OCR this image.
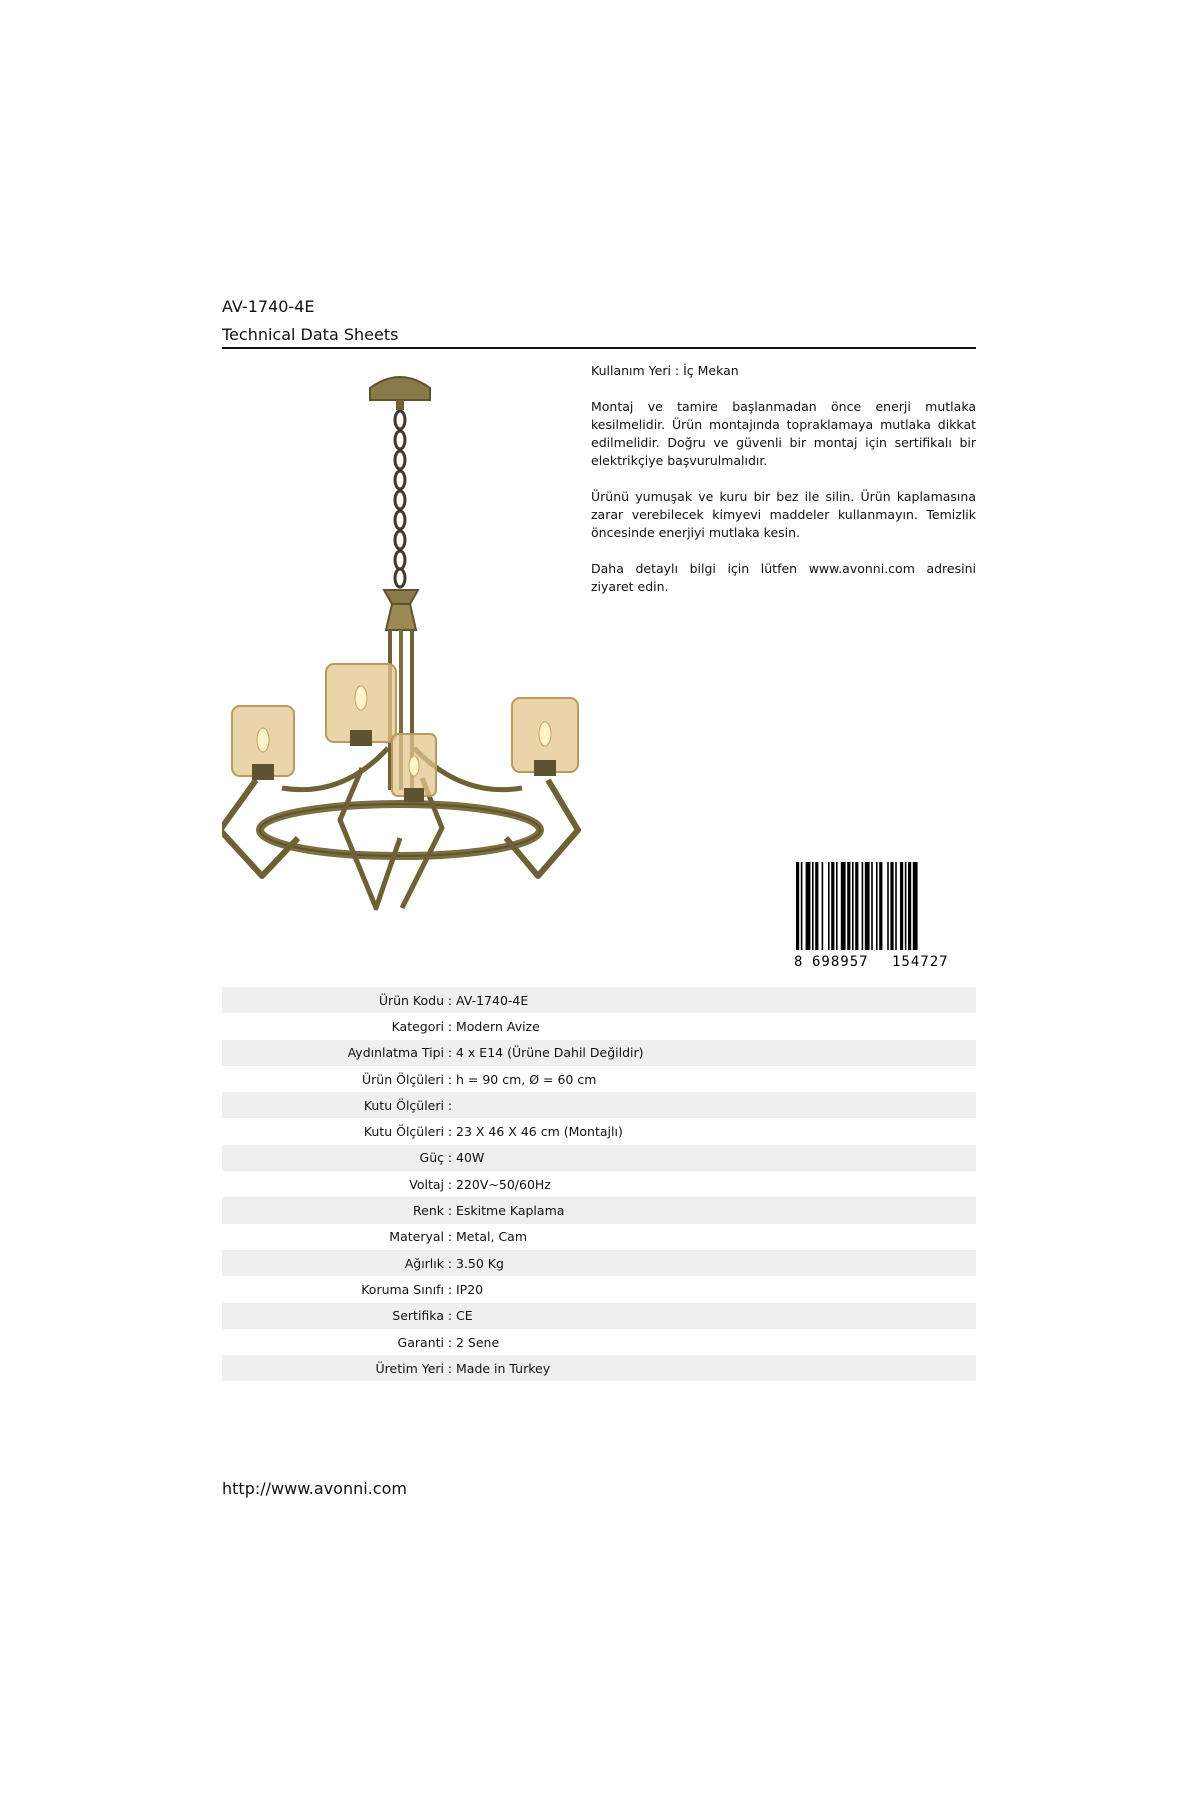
AV-1740-4E
Technical Data Sheets

Kullanım Yeri : İç Mekan

Montaj ve tamire başlanmadan önce enerji mutlaka kesilmelidir. Ürün montajında topraklamaya mutlaka dikkat edilmelidir. Doğru ve güvenli bir montaj için sertifikalı bir elektrikçiye başvurulmalıdır.

Ürünü yumuşak ve kuru bir bez ile silin. Ürün kaplamasına zarar verebilecek kimyevi maddeler kullanmayın. Temizlik öncesinde enerjiyi mutlaka kesin.

Daha detaylı bilgi için lütfen www.avonni.com adresini ziyaret edin.

8 698957 154727
Ürün Kodu : AV-1740-4E
Kategori : Modern Avize
Aydınlatma Tipi : 4 x E14 (Ürüne Dahil Değildir)
Ürün Ölçüleri : h = 90 cm, Ø = 60 cm
Kutu Ölçüleri :
Kutu Ölçüleri : 23 X 46 X 46 cm (Montajlı)
Güç : 40W
Voltaj : 220V~50/60Hz
Renk : Eskitme Kaplama
Materyal : Metal, Cam
Ağırlık : 3.50 Kg
Koruma Sınıfı : IP20
Sertifika : CE
Garanti : 2 Sene
Üretim Yeri : Made in Turkey
http://www.avonni.com
